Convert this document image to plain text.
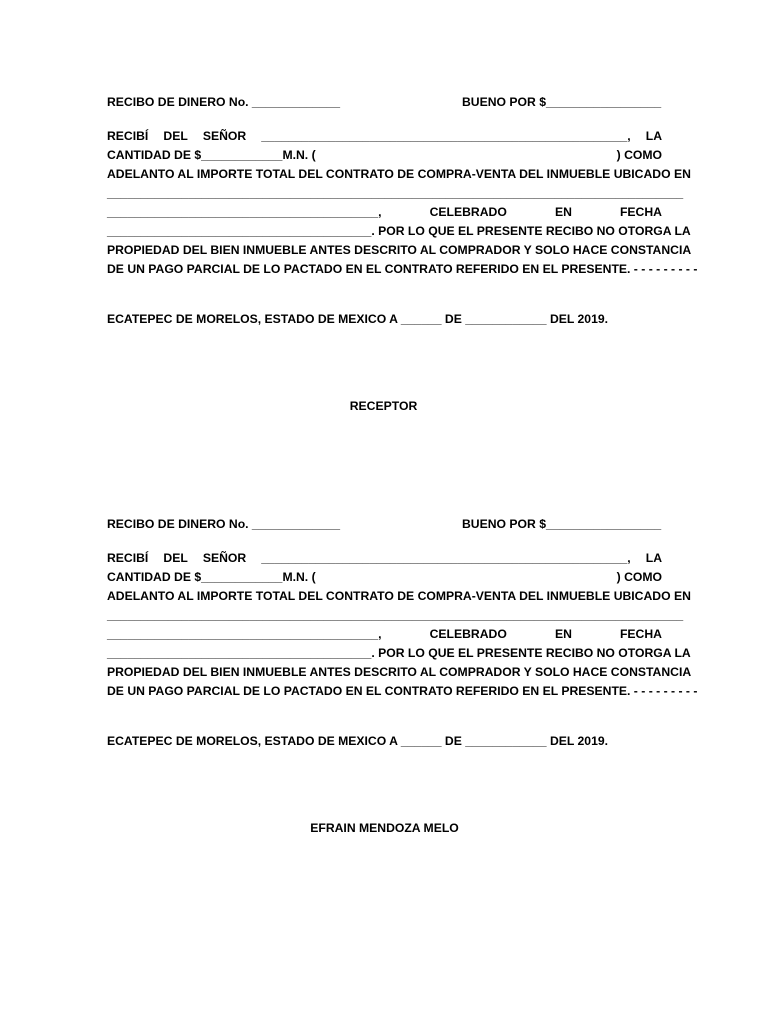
RECIBO DE DINERO No. _____________	BUENO POR $_________________
RECIBÍ DEL SEÑOR ______________________________________________________, LA
CANTIDAD DE $____________M.N. (	) COMO
ADELANTO AL IMPORTE TOTAL DEL CONTRATO DE COMPRA-VENTA DEL INMUEBLE UBICADO EN
_____________________________________________________________________________________
________________________________________,	CELEBRADO	EN	FECHA
_______________________________________. POR LO QUE EL PRESENTE RECIBO NO OTORGA LA
PROPIEDAD DEL BIEN INMUEBLE ANTES DESCRITO AL COMPRADOR Y SOLO HACE CONSTANCIA
DE UN PAGO PARCIAL DE LO PACTADO EN EL CONTRATO REFERIDO EN EL PRESENTE. - - - - - - - - -
ECATEPEC DE MORELOS, ESTADO DE MEXICO A ______ DE ____________ DEL 2019.
RECEPTOR
RECIBO DE DINERO No. _____________	BUENO POR $_________________
RECIBÍ DEL SEÑOR ______________________________________________________, LA
CANTIDAD DE $____________M.N. (	) COMO
ADELANTO AL IMPORTE TOTAL DEL CONTRATO DE COMPRA-VENTA DEL INMUEBLE UBICADO EN
_____________________________________________________________________________________
________________________________________,	CELEBRADO	EN	FECHA
_______________________________________. POR LO QUE EL PRESENTE RECIBO NO OTORGA LA
PROPIEDAD DEL BIEN INMUEBLE ANTES DESCRITO AL COMPRADOR Y SOLO HACE CONSTANCIA
DE UN PAGO PARCIAL DE LO PACTADO EN EL CONTRATO REFERIDO EN EL PRESENTE. - - - - - - - - -
ECATEPEC DE MORELOS, ESTADO DE MEXICO A ______ DE ____________ DEL 2019.
EFRAIN MENDOZA MELO
